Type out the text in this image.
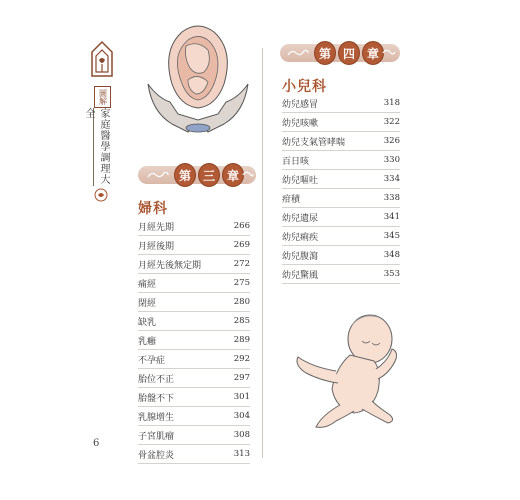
圖解
家庭醫學調理大全
第 三 章
婦科
月經先期	266
月經後期	269
月經先後無定期	272
痛經	275
閉經	280
缺乳	285
乳癰	289
不孕症	292
胎位不正	297
胎盤不下	301
乳腺增生	304
子宮肌瘤	308
骨盆腔炎	313
第 四 章
小兒科
幼兒感冒	318
幼兒咳嗽	322
幼兒支氣管哮喘	326
百日咳	330
幼兒嘔吐	334
疳積	338
幼兒遺尿	341
幼兒痢疾	345
幼兒腹瀉	348
幼兒驚風	353
6
